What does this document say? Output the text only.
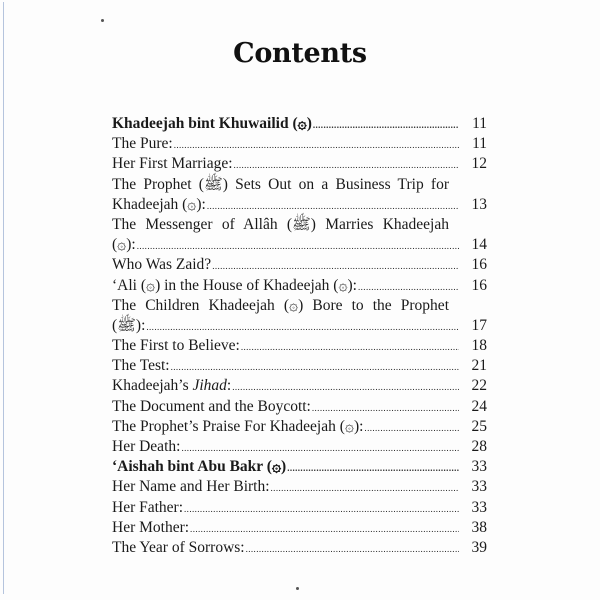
Contents
Khadeejah bint Khuwailid (۞) .....	11
The Pure: .....	11
Her First Marriage: .....	12
The Prophet (ﷺ) Sets Out on a Business Trip for
Khadeejah (۞): .....	13
The Messenger of Allâh (ﷺ) Marries Khadeejah
(۞): .....	14
Who Was Zaid? .....	16
‘Ali (۞) in the House of Khadeejah (۞): .....	16
The Children Khadeejah (۞) Bore to the Prophet
(ﷺ): .....	17
The First to Believe: .....	18
The Test: .....	21
Khadeejah’s Jihad: .....	22
The Document and the Boycott: .....	24
The Prophet’s Praise For Khadeejah (۞): .....	25
Her Death: .....	28
‘Aishah bint Abu Bakr (۞) .....	33
Her Name and Her Birth: .....	33
Her Father: .....	33
Her Mother: .....	38
The Year of Sorrows: .....	39
